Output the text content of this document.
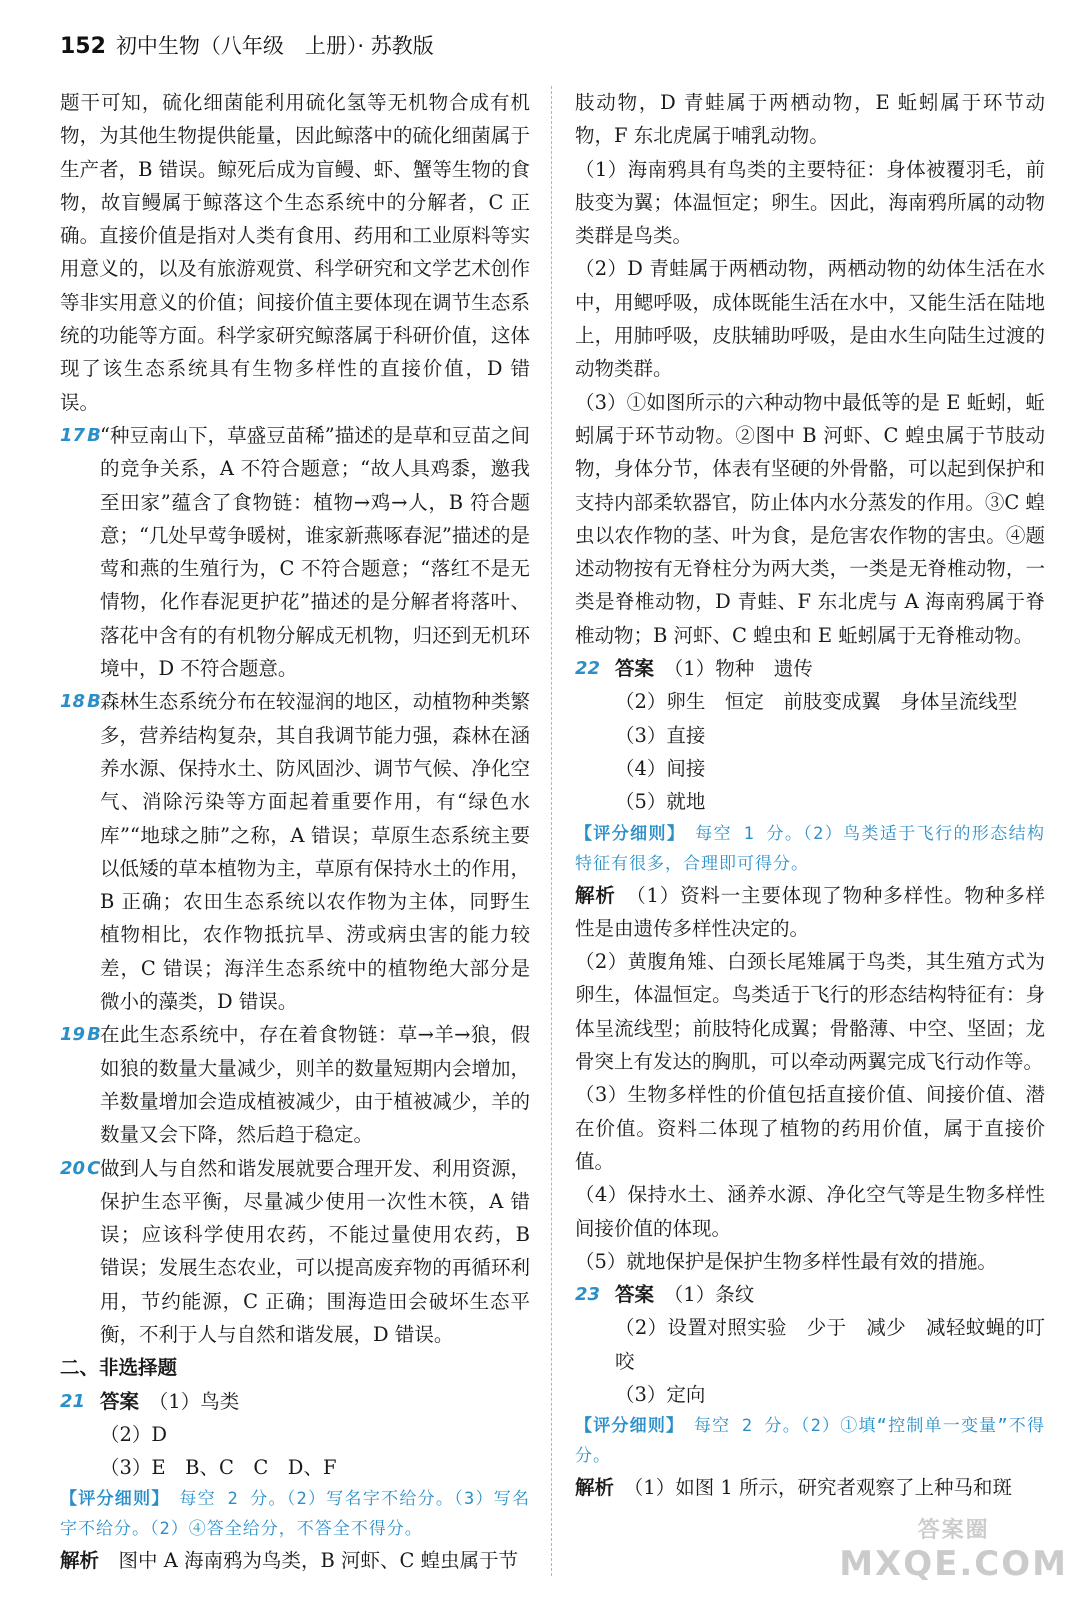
152 初中生物（八年级　上册）· 苏教版

题干可知，硫化细菌能利用硫化氢等无机物合成有机物，为其他生物提供能量，因此鲸落中的硫化细菌属于生产者，B 错误。鲸死后成为盲鳗、虾、蟹等生物的食物，故盲鳗属于鲸落这个生态系统中的分解者，C 正确。直接价值是指对人类有食用、药用和工业原料等实用意义的，以及有旅游观赏、科学研究和文学艺术创作等非实用意义的价值；间接价值主要体现在调节生态系统的功能等方面。科学家研究鲸落属于科研价值，这体现了该生态系统具有生物多样性的直接价值，D 错误。

17 B “种豆南山下，草盛豆苗稀”描述的是草和豆苗之间的竞争关系，A 不符合题意；“故人具鸡黍，邀我至田家”蕴含了食物链：植物→鸡→人，B 符合题意；“几处早莺争暖树，谁家新燕啄春泥”描述的是莺和燕的生殖行为，C 不符合题意；“落红不是无情物，化作春泥更护花”描述的是分解者将落叶、落花中含有的有机物分解成无机物，归还到无机环境中，D 不符合题意。

18 B 森林生态系统分布在较湿润的地区，动植物种类繁多，营养结构复杂，其自我调节能力强，森林在涵养水源、保持水土、防风固沙、调节气候、净化空气、消除污染等方面起着重要作用，有“绿色水库”“地球之肺”之称，A 错误；草原生态系统主要以低矮的草本植物为主，草原有保持水土的作用，B 正确；农田生态系统以农作物为主体，同野生植物相比，农作物抵抗旱、涝或病虫害的能力较差，C 错误；海洋生态系统中的植物绝大部分是微小的藻类，D 错误。

19 B 在此生态系统中，存在着食物链：草→羊→狼，假如狼的数量大量减少，则羊的数量短期内会增加，羊数量增加会造成植被减少，由于植被减少，羊的数量又会下降，然后趋于稳定。

20 C 做到人与自然和谐发展就要合理开发、利用资源，保护生态平衡，尽量减少使用一次性木筷，A 错误；应该科学使用农药，不能过量使用农药，B 错误；发展生态农业，可以提高废弃物的再循环利用，节约能源，C 正确；围海造田会破坏生态平衡，不利于人与自然和谐发展，D 错误。

二、非选择题

21 答案　 （1）鸟类

（2）D

（3）E　B、C　C　D、F

【评分细则】　 每空 2 分。（2）写名字不给分。（3）写名字不给分。（2）④答全给分，不答全不得分。

解析　 图中 A 海南鸦为鸟类，B 河虾、C 蝗虫属于节

肢动物，D 青蛙属于两栖动物，E 蚯蚓属于环节动物，F 东北虎属于哺乳动物。

（1）海南鸦具有鸟类的主要特征：身体被覆羽毛，前肢变为翼；体温恒定；卵生。因此，海南鸦所属的动物类群是鸟类。

（2）D 青蛙属于两栖动物，两栖动物的幼体生活在水中，用鳃呼吸，成体既能生活在水中，又能生活在陆地上，用肺呼吸，皮肤辅助呼吸，是由水生向陆生过渡的动物类群。

（3）①如图所示的六种动物中最低等的是 E 蚯蚓，蚯蚓属于环节动物。②图中 B 河虾、C 蝗虫属于节肢动物，身体分节，体表有坚硬的外骨骼，可以起到保护和支持内部柔软器官，防止体内水分蒸发的作用。③C 蝗虫以农作物的茎、叶为食，是危害农作物的害虫。④题述动物按有无脊柱分为两大类，一类是无脊椎动物，一类是脊椎动物，D 青蛙、F 东北虎与 A 海南鸦属于脊椎动物；B 河虾、C 蝗虫和 E 蚯蚓属于无脊椎动物。

22 答案　 （1）物种　遗传

（2）卵生　恒定　前肢变成翼　身体呈流线型

（3）直接

（4）间接

（5）就地

【评分细则】　 每空 1 分。（2）鸟类适于飞行的形态结构特征有很多，合理即可得分。

解析　 （1）资料一主要体现了物种多样性。物种多样性是由遗传多样性决定的。

（2）黄腹角雉、白颈长尾雉属于鸟类，其生殖方式为卵生，体温恒定。鸟类适于飞行的形态结构特征有：身体呈流线型；前肢特化成翼；骨骼薄、中空、坚固；龙骨突上有发达的胸肌，可以牵动两翼完成飞行动作等。

（3）生物多样性的价值包括直接价值、间接价值、潜在价值。资料二体现了植物的药用价值，属于直接价值。

（4）保持水土、涵养水源、净化空气等是生物多样性间接价值的体现。

（5）就地保护是保护生物多样性最有效的措施。

23 答案　 （1）条纹

（2）设置对照实验　少于　减少　减轻蚊蝇的叮咬

（3）定向

【评分细则】　 每空 2 分。（2）①填“控制单一变量”不得分。

解析　 （1）如图 1 所示，研究者观察了上种马和斑

答案圈
MXQE.COM
